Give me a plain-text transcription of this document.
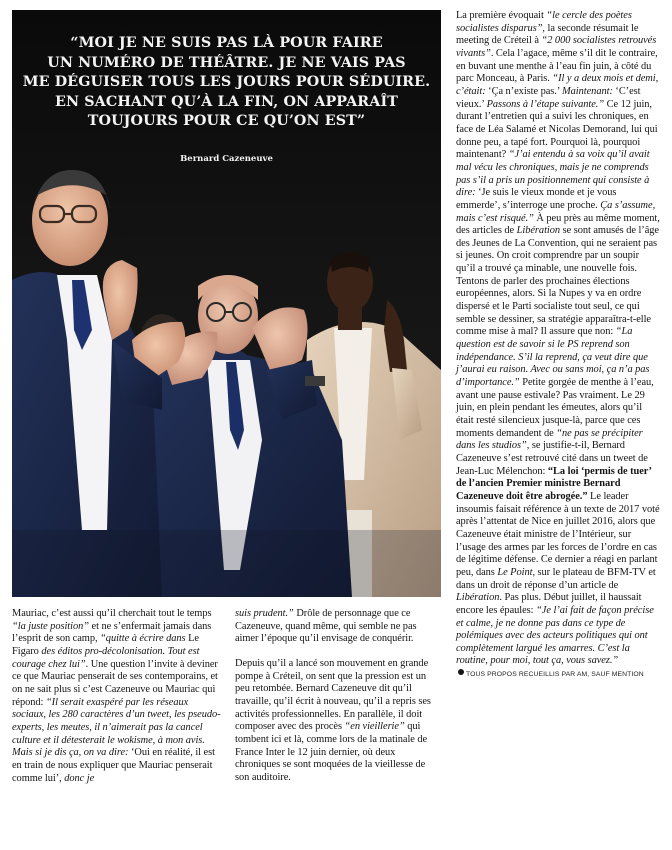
“MOI JE NE SUIS PAS LÀ POUR FAIRE
UN NUMÉRO DE THÉÂTRE. JE NE VAIS PAS
ME DÉGUISER TOUS LES JOURS POUR SÉDUIRE.
EN SACHANT QU’À LA FIN, ON APPARAÎT
TOUJOURS POUR CE QU’ON EST”
Bernard Cazeneuve

La première évoquait “le cercle des poètes socialistes disparus”, la seconde résumait le meeting de Créteil à “2 000 socialistes retrouvés vivants”. Cela l’agace, même s’il dit le contraire, en buvant une menthe à l’eau fin juin, à côté du parc Monceau, à Paris. “Il y a deux mois et demi, c’était: ‘Ça n’existe pas.’ Maintenant: ‘C’est vieux.’ Passons à l’étape suivante.” Ce 12 juin, durant l’entretien qui a suivi les chroniques, en face de Léa Salamé et Nicolas Demorand, lui qui donne peu, a tapé fort. Pourquoi là, pourquoi maintenant? “J’ai entendu à sa voix qu’il avait mal vécu les chroniques, mais je ne comprends pas s’il a pris un positionnement qui consiste à dire: ‘Je suis le vieux monde et je vous emmerde’, s’interroge une proche. Ça s’assume, mais c’est risqué.” À peu près au même moment, des articles de Libération se sont amusés de l’âge des Jeunes de La Convention, qui ne seraient pas si jeunes. On croit comprendre par un soupir qu’il a trouvé ça minable, une nouvelle fois. Tentons de parler des prochaines élections européennes, alors. Si la Nupes y va en ordre dispersé et le Parti socialiste tout seul, ce qui semble se dessiner, sa stratégie apparaîtra-t-elle comme mise à mal? Il assure que non: “La question est de savoir si le PS reprend son indépendance. S’il la reprend, ça veut dire que j’aurai eu raison. Avec ou sans moi, ça n’a pas d’importance.” Petite gorgée de menthe à l’eau, avant une pause estivale? Pas vraiment. Le 29 juin, en plein pendant les émeutes, alors qu’il était resté silencieux jusque-là, parce que ces moments demandent de “ne pas se précipiter dans les studios”, se justifie-t-il, Bernard Cazeneuve s’est retrouvé cité dans un tweet de Jean-Luc Mélenchon: “La loi ‘permis de tuer’ de l’ancien Premier ministre Bernard Cazeneuve doit être abrogée.” Le leader insoumis faisait référence à un texte de 2017 voté après l’attentat de Nice en juillet 2016, alors que Cazeneuve était ministre de l’Intérieur, sur l’usage des armes par les forces de l’ordre en cas de légitime défense. Ce dernier a réagi en parlant peu, dans Le Point, sur le plateau de BFM-TV et dans un droit de réponse d’un article de Libération. Pas plus. Début juillet, il haussait encore les épaules: “Je l’ai fait de façon précise et calme, je ne donne pas dans ce type de polémiques avec des acteurs politiques qui ont complètement largué les amarres. C’est la routine, pour moi, tout ça, vous savez.”

TOUS PROPOS RECUEILLIS PAR AM, SAUF MENTION

Mauriac, c’est aussi qu’il cherchait tout le temps “la juste position” et ne s’enfermait jamais dans l’esprit de son camp, “quitte à écrire dans Le Figaro des éditos pro-décolonisation. Tout est courage chez lui”. Une question l’invite à deviner ce que Mauriac penserait de ses contemporains, et on ne sait plus si c’est Cazeneuve ou Mauriac qui répond: “Il serait exaspéré par les réseaux sociaux, les 280 caractères d’un tweet, les pseudo-experts, les meutes, il n’aimerait pas la cancel culture et il détesterait le wokisme, à mon avis. Mais si je dis ça, on va dire: ‘Oui en réalité, il est en train de nous expliquer que Mauriac penserait comme lui’, donc je

suis prudent.” Drôle de personnage que ce Cazeneuve, quand même, qui semble ne pas aimer l’époque qu’il envisage de conquérir.

Depuis qu’il a lancé son mouvement en grande pompe à Créteil, on sent que la pression est un peu retombée. Bernard Cazeneuve dit qu’il travaille, qu’il écrit à nouveau, qu’il a repris ses activités professionnelles. En parallèle, il doit composer avec des procès “en vieillerie” qui tombent ici et là, comme lors de la matinale de France Inter le 12 juin dernier, où deux chroniques se sont moquées de la vieillesse de son auditoire.
